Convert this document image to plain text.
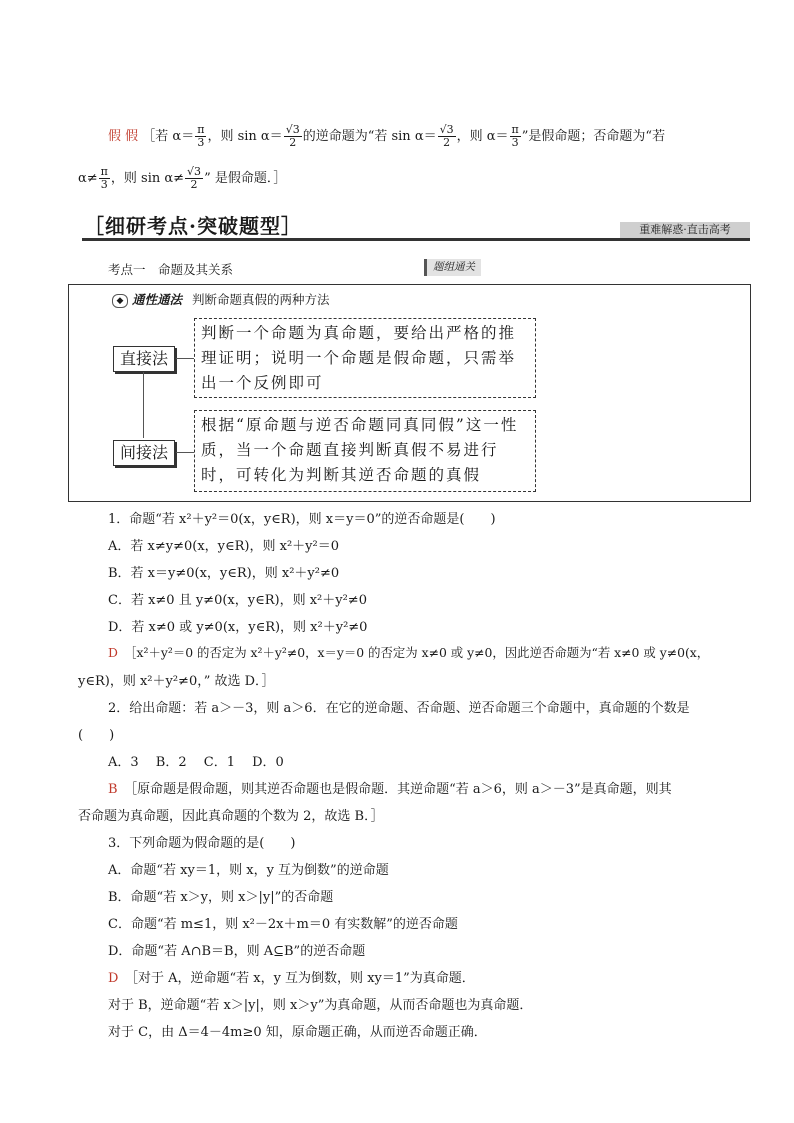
假 假 ［若 $\alpha= \frac{\pi}{3}$ ，则 $\sin \alpha= \frac{√3}{2}$ 的逆命题为“若 $\sin \alpha= \frac{√3}{2}$ ，则 $\alpha= \frac{\pi}{3}$ ”是假命题；否命题为“若
$\alpha\ne \frac{\pi}{3}$ ，则 $\sin \alpha\ne \frac{√3}{2}$ ” 是假命题．］
［细研考点·突破题型］	重难解惑·直击高考
考点一　命题及其关系	题组通关
◆ 通性通法 判断命题真假的两种方法
直接法
判断一个命题为真命题，要给出严格的推理证明；说明一个命题是假命题，只需举出一个反例即可
间接法
根据“原命题与逆否命题同真同假”这一性质，当一个命题直接判断真假不易进行时，可转化为判断其逆否命题的真假
1．命题“若 x²＋y²＝0(x，y∈R)，则 x＝y＝0”的逆否命题是(　　)
A．若 x≠y≠0(x，y∈R)，则 x²＋y²＝0
B．若 x＝y≠0(x，y∈R)，则 x²＋y²≠0
C．若 x≠0 且 y≠0(x，y∈R)，则 x²＋y²≠0
D．若 x≠0 或 y≠0(x，y∈R)，则 x²＋y²≠0
D　 ［x²＋y²＝0 的否定为 x²＋y²≠0，x＝y＝0 的否定为 x≠0 或 y≠0，因此逆否命题为“若 x≠0 或 y≠0(x，
y∈R)，则 x²＋y²≠0，” 故选 D．］
2．给出命题：若 a＞－3，则 a＞6．在它的逆命题、否命题、逆否命题三个命题中，真命题的个数是
(　　)
A．3　 B．2　 C．1　 D．0
B　 ［原命题是假命题，则其逆否命题也是假命题．其逆命题“若 a＞6，则 a＞－3”是真命题，则其
否命题为真命题，因此真命题的个数为 2，故选 B．］
3．下列命题为假命题的是(　　)
A．命题“若 xy＝1，则 x，y 互为倒数”的逆命题
B．命题“若 x＞y，则 x＞|y|”的否命题
C．命题“若 m≤1，则 x²－2x＋m＝0 有实数解”的逆否命题
D．命题“若 A∩B＝B，则 A⊆B”的逆否命题
D　 ［对于 A，逆命题“若 x，y 互为倒数，则 xy＝1”为真命题．
对于 B，逆命题“若 x＞|y|，则 x＞y”为真命题，从而否命题也为真命题．
对于 C，由 Δ＝4－4m≥0 知，原命题正确，从而逆否命题正确．
